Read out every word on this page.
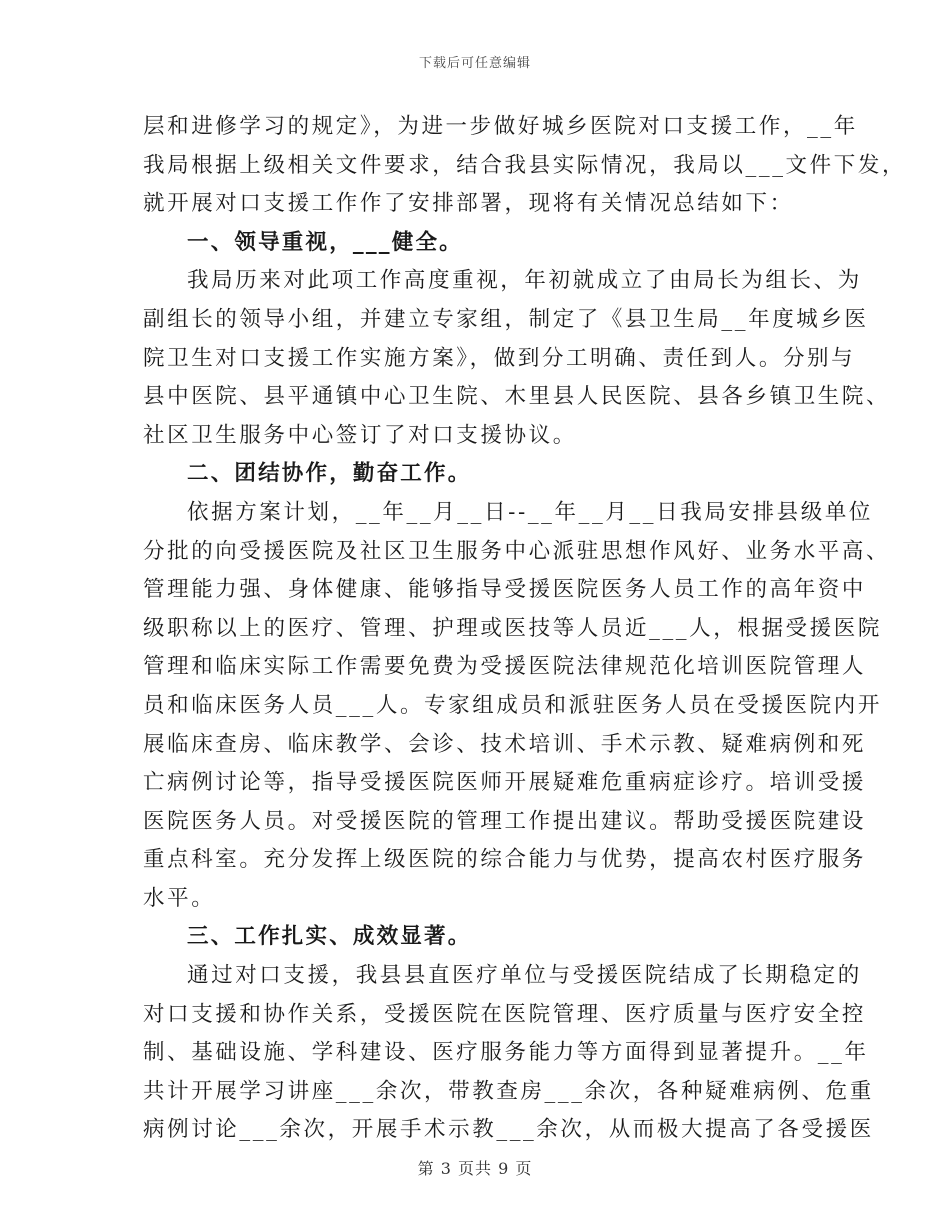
下载后可任意编辑
层和进修学习的规定》，为进一步做好城乡医院对口支援工作，__年
我局根据上级相关文件要求，结合我县实际情况，我局以___文件下发，
就开展对口支援工作作了安排部署，现将有关情况总结如下：
一、领导重视，___健全。
我局历来对此项工作高度重视，年初就成立了由局长为组长、为
副组长的领导小组，并建立专家组，制定了《县卫生局__年度城乡医
院卫生对口支援工作实施方案》，做到分工明确、责任到人。分别与
县中医院、县平通镇中心卫生院、木里县人民医院、县各乡镇卫生院、
社区卫生服务中心签订了对口支援协议。
二、团结协作，勤奋工作。
依据方案计划，__年__月__日--__年__月__日我局安排县级单位
分批的向受援医院及社区卫生服务中心派驻思想作风好、业务水平高、
管理能力强、身体健康、能够指导受援医院医务人员工作的高年资中
级职称以上的医疗、管理、护理或医技等人员近___人，根据受援医院
管理和临床实际工作需要免费为受援医院法律规范化培训医院管理人
员和临床医务人员___人。专家组成员和派驻医务人员在受援医院内开
展临床查房、临床教学、会诊、技术培训、手术示教、疑难病例和死
亡病例讨论等，指导受援医院医师开展疑难危重病症诊疗。培训受援
医院医务人员。对受援医院的管理工作提出建议。帮助受援医院建设
重点科室。充分发挥上级医院的综合能力与优势，提高农村医疗服务
水平。
三、工作扎实、成效显著。
通过对口支援，我县县直医疗单位与受援医院结成了长期稳定的
对口支援和协作关系，受援医院在医院管理、医疗质量与医疗安全控
制、基础设施、学科建设、医疗服务能力等方面得到显著提升。__年
共计开展学习讲座___余次，带教查房___余次，各种疑难病例、危重
病例讨论___余次，开展手术示教___余次，从而极大提高了各受援医
第 3 页共 9 页
